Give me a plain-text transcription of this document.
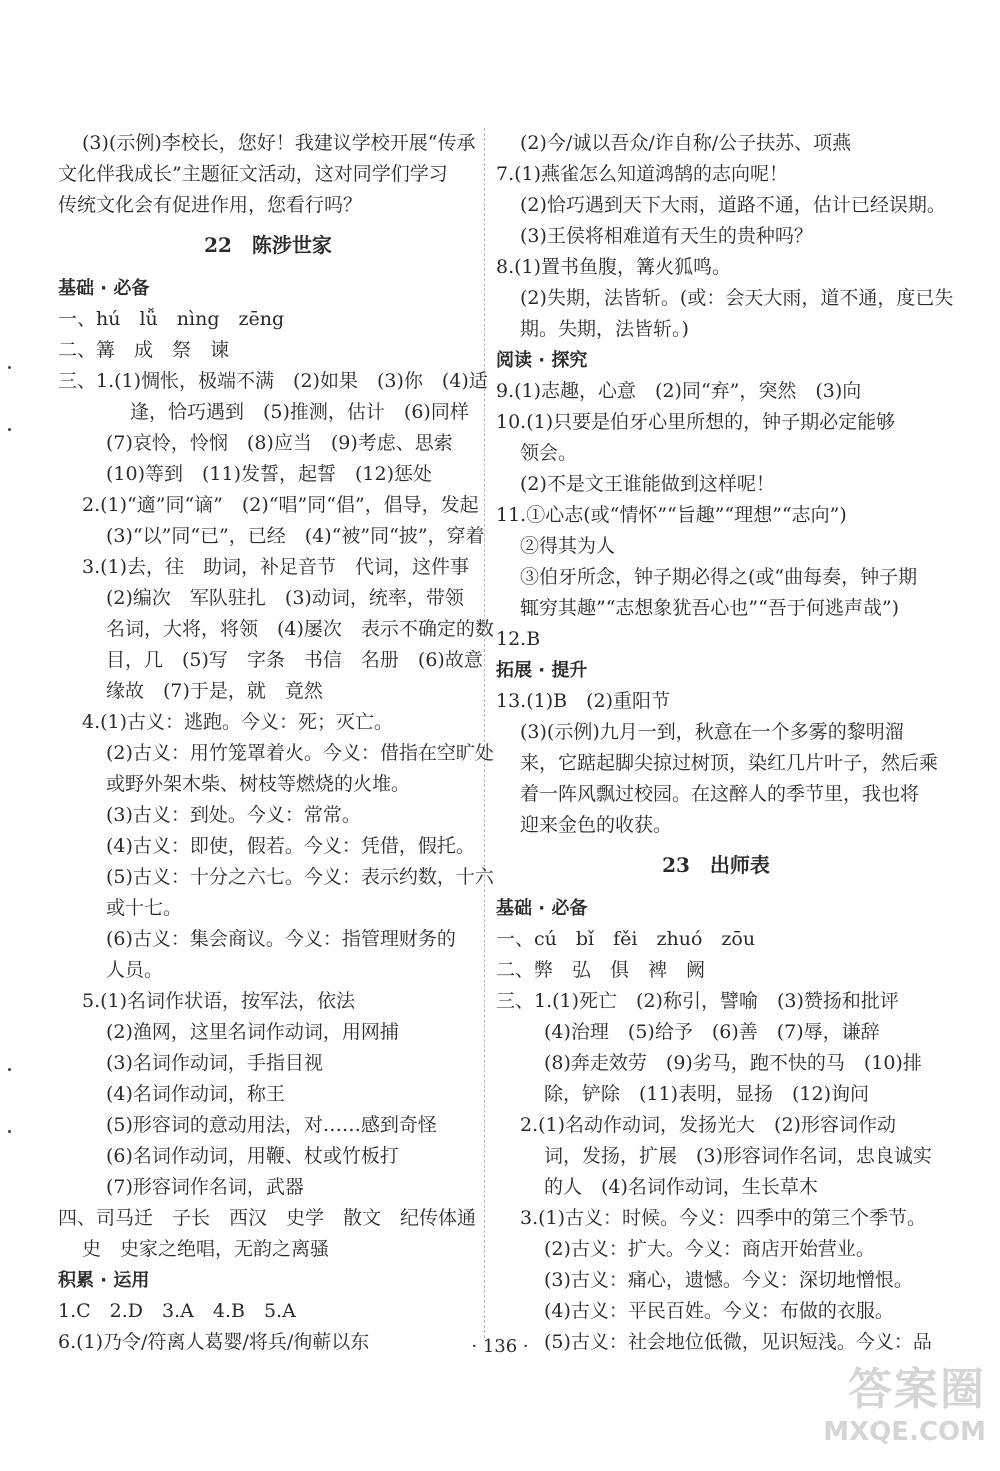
(3)(示例)李校长，您好！我建议学校开展“传承
文化伴我成长”主题征文活动，这对同学们学习
传统文化会有促进作用，您看行吗？
22　陈涉世家
基础 · 必备
一、hú　lǚ　nìng　zēng
二、篝　成　祭　谏
三、1.(1)惆怅，极端不满　(2)如果　(3)你　(4)适
逢，恰巧遇到　(5)推测，估计　(6)同样
(7)哀怜，怜悯　(8)应当　(9)考虑、思索
(10)等到　(11)发誓，起誓　(12)惩处
2.(1)“適”同“谪”　(2)“唱”同“倡”，倡导，发起
(3)“以”同“已”，已经　(4)“被”同“披”，穿着
3.(1)去，往　助词，补足音节　代词，这件事
(2)编次　军队驻扎　(3)动词，统率，带领
名词，大将，将领　(4)屡次　表示不确定的数
目，几　(5)写　字条　书信　名册　(6)故意
缘故　(7)于是，就　竟然
4.(1)古义：逃跑。今义：死；灭亡。
(2)古义：用竹笼罩着火。今义：借指在空旷处
或野外架木柴、树枝等燃烧的火堆。
(3)古义：到处。今义：常常。
(4)古义：即使，假若。今义：凭借，假托。
(5)古义：十分之六七。今义：表示约数，十六
或十七。
(6)古义：集会商议。今义：指管理财务的
人员。
5.(1)名词作状语，按军法，依法
(2)渔网，这里名词作动词，用网捕
(3)名词作动词，手指目视
(4)名词作动词，称王
(5)形容词的意动用法，对……感到奇怪
(6)名词作动词，用鞭、杖或竹板打
(7)形容词作名词，武器
四、司马迁　子长　西汉　史学　散文　纪传体通
史　史家之绝唱，无韵之离骚
积累 · 运用
1.C　2.D　3.A　4.B　5.A
6.(1)乃令/符离人葛婴/将兵/徇蕲以东
(2)今/诚以吾众/诈自称/公子扶苏、项燕
7.(1)燕雀怎么知道鸿鹄的志向呢！
(2)恰巧遇到天下大雨，道路不通，估计已经误期。
(3)王侯将相难道有天生的贵种吗？
8.(1)置书鱼腹，篝火狐鸣。
(2)失期，法皆斩。(或：会天大雨，道不通，度已失
期。失期，法皆斩。)
阅读 · 探究
9.(1)志趣，心意　(2)同“弃”，突然　(3)向
10.(1)只要是伯牙心里所想的，钟子期必定能够
领会。
(2)不是文王谁能做到这样呢！
11.①心志(或“情怀”“旨趣”“理想”“志向”)
②得其为人
③伯牙所念，钟子期必得之(或“曲每奏，钟子期
辄穷其趣”“志想象犹吾心也”“吾于何逃声哉”)
12.B
拓展 · 提升
13.(1)B　(2)重阳节
(3)(示例)九月一到，秋意在一个多雾的黎明溜
来，它踮起脚尖掠过树顶，染红几片叶子，然后乘
着一阵风飘过校园。在这醉人的季节里，我也将
迎来金色的收获。
23　出师表
基础 · 必备
一、cú　bǐ　fěi　zhuó　zōu
二、弊　弘　俱　裨　阙
三、1.(1)死亡　(2)称引，譬喻　(3)赞扬和批评
(4)治理　(5)给予　(6)善　(7)辱，谦辞
(8)奔走效劳　(9)劣马，跑不快的马　(10)排
除，铲除　(11)表明，显扬　(12)询问
2.(1)名动作动词，发扬光大　(2)形容词作动
词，发扬，扩展　(3)形容词作名词，忠良诚实
的人　(4)名词作动词，生长草木
3.(1)古义：时候。今义：四季中的第三个季节。
(2)古义：扩大。今义：商店开始营业。
(3)古义：痛心，遗憾。今义：深切地憎恨。
(4)古义：平民百姓。今义：布做的衣服。
(5)古义：社会地位低微，见识短浅。今义：品
· 136 ·
答案圈
MXQE.COM
